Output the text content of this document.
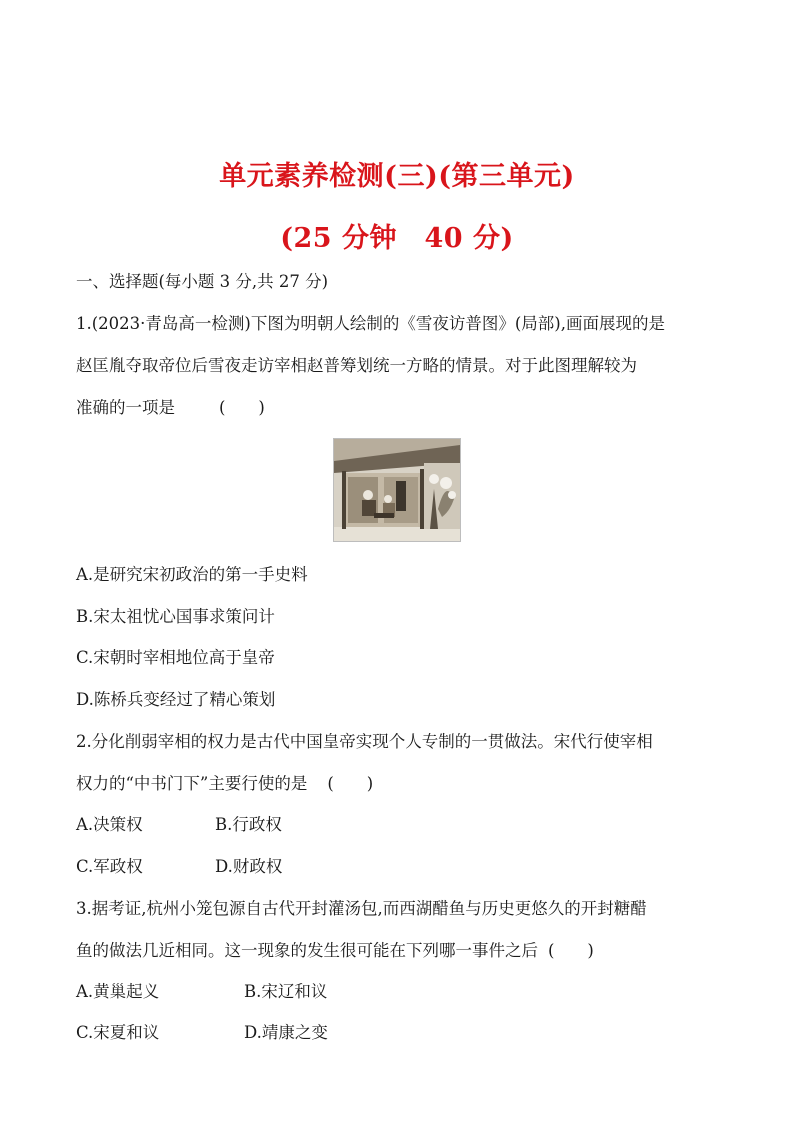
单元素养检测(三)(第三单元)
(25 分钟　40 分)
一、选择题(每小题 3 分,共 27 分)
1.(2023·青岛高一检测)下图为明朝人绘制的《雪夜访普图》(局部),画面展现的是
赵匡胤夺取帝位后雪夜走访宰相赵普筹划统一方略的情景。对于此图理解较为
准确的一项是	(　　)
A.是研究宋初政治的第一手史料
B.宋太祖忧心国事求策问计
C.宋朝时宰相地位高于皇帝
D.陈桥兵变经过了精心策划
2.分化削弱宰相的权力是古代中国皇帝实现个人专制的一贯做法。宋代行使宰相
权力的“中书门下”主要行使的是 (　　)
A.决策权	B.行政权
C.军政权	D.财政权
3.据考证,杭州小笼包源自古代开封灌汤包,而西湖醋鱼与历史更悠久的开封糖醋
鱼的做法几近相同。这一现象的发生很可能在下列哪一事件之后 (　　)
A.黄巢起义	B.宋辽和议
C.宋夏和议	D.靖康之变
